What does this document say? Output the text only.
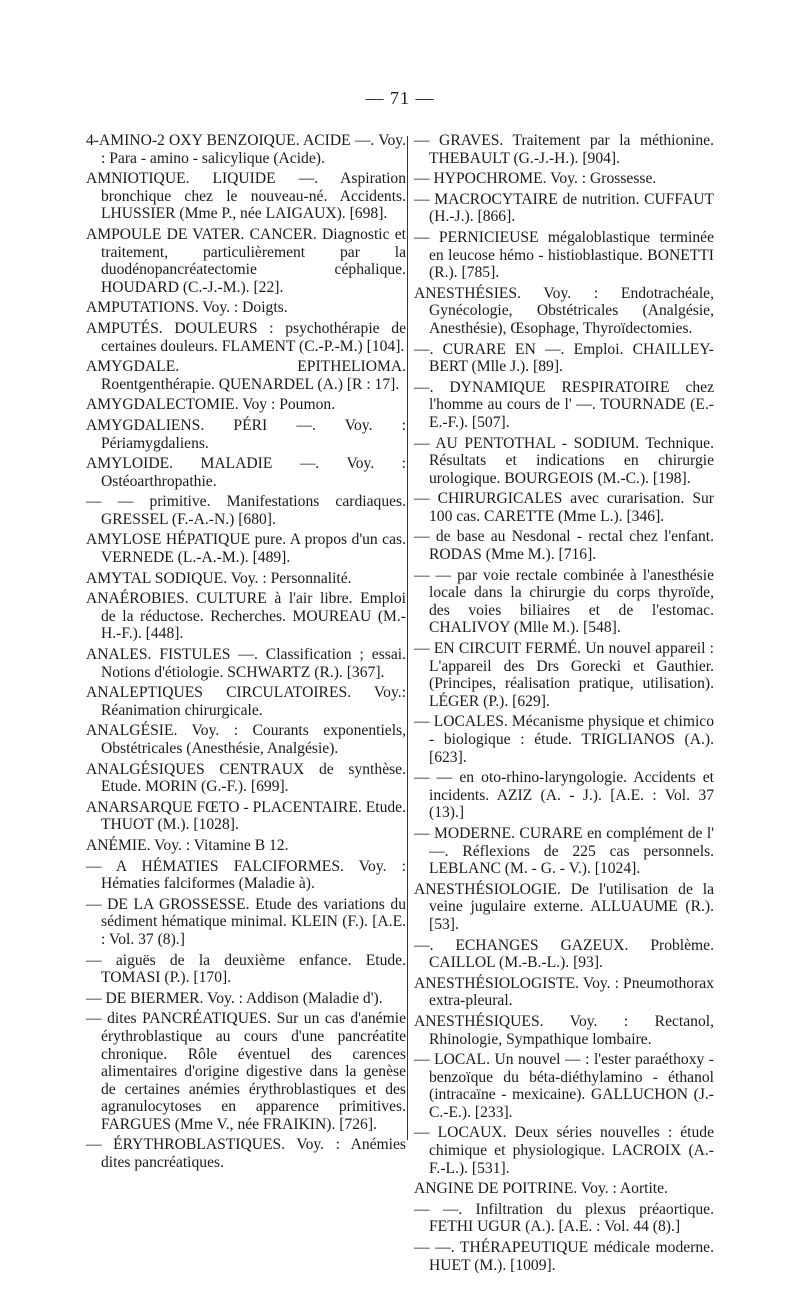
— 71 —

4-AMINO-2 OXY BENZOIQUE. ACIDE —. Voy. : Para - amino - salicylique (Acide).

AMNIOTIQUE. LIQUIDE —. Aspiration bronchique chez le nouveau-né. Accidents. LHUSSIER (Mme P., née LAIGAUX). [698].

AMPOULE DE VATER. CANCER. Diagnostic et traitement, particulièrement par la duodénopancréatectomie céphalique. HOUDARD (C.-J.-M.). [22].

AMPUTATIONS. Voy. : Doigts.

AMPUTÉS. DOULEURS : psychothérapie de certaines douleurs. FLAMENT (C.-P.-M.) [104].

AMYGDALE. EPITHELIOMA. Roentgenthérapie. QUENARDEL (A.) [R : 17].

AMYGDALECTOMIE. Voy : Poumon.

AMYGDALIENS. PÉRI —. Voy. : Périamygdaliens.

AMYLOIDE. MALADIE —. Voy. : Ostéoarthropathie.

— — primitive. Manifestations cardiaques. GRESSEL (F.-A.-N.) [680].

AMYLOSE HÉPATIQUE pure. A propos d'un cas. VERNEDE (L.-A.-M.). [489].

AMYTAL SODIQUE. Voy. : Personnalité.

ANAÉROBIES. CULTURE à l'air libre. Emploi de la réductose. Recherches. MOUREAU (M.-H.-F.). [448].

ANALES. FISTULES —. Classification ; essai. Notions d'étiologie. SCHWARTZ (R.). [367].

ANALEPTIQUES CIRCULATOIRES. Voy.: Réanimation chirurgicale.

ANALGÉSIE. Voy. : Courants exponentiels, Obstétricales (Anesthésie, Analgésie).

ANALGÉSIQUES CENTRAUX de synthèse. Etude. MORIN (G.-F.). [699].

ANARSARQUE FŒTO - PLACENTAIRE. Etude. THUOT (M.). [1028].

ANÉMIE. Voy. : Vitamine B 12.

— A HÉMATIES FALCIFORMES. Voy. : Hématies falciformes (Maladie à).

— DE LA GROSSESSE. Etude des variations du sédiment hématique minimal. KLEIN (F.). [A.E. : Vol. 37 (8).]

— aiguës de la deuxième enfance. Etude. TOMASI (P.). [170].

— DE BIERMER. Voy. : Addison (Maladie d').

— dites PANCRÉATIQUES. Sur un cas d'anémie érythroblastique au cours d'une pancréatite chronique. Rôle éventuel des carences alimentaires d'origine digestive dans la genèse de certaines anémies érythroblastiques et des agranulocytoses en apparence primitives. FARGUES (Mme V., née FRAIKIN). [726].

— ÉRYTHROBLASTIQUES. Voy. : Anémies dites pancréatiques.

— GRAVES. Traitement par la méthionine. THEBAULT (G.-J.-H.). [904].

— HYPOCHROME. Voy. : Grossesse.

— MACROCYTAIRE de nutrition. CUFFAUT (H.-J.). [866].

— PERNICIEUSE mégaloblastique terminée en leucose hémo - histioblastique. BONETTI (R.). [785].

ANESTHÉSIES. Voy. : Endotrachéale, Gynécologie, Obstétricales (Analgésie, Anesthésie), Œsophage, Thyroïdectomies.

—. CURARE EN —. Emploi. CHAILLEY-BERT (Mlle J.). [89].

—. DYNAMIQUE RESPIRATOIRE chez l'homme au cours de l' —. TOURNADE (E.-E.-F.). [507].

— AU PENTOTHAL - SODIUM. Technique. Résultats et indications en chirurgie urologique. BOURGEOIS (M.-C.). [198].

— CHIRURGICALES avec curarisation. Sur 100 cas. CARETTE (Mme L.). [346].

— de base au Nesdonal - rectal chez l'enfant. RODAS (Mme M.). [716].

— — par voie rectale combinée à l'anesthésie locale dans la chirurgie du corps thyroïde, des voies biliaires et de l'estomac. CHALIVOY (Mlle M.). [548].

— EN CIRCUIT FERMÉ. Un nouvel appareil : L'appareil des Drs Gorecki et Gauthier. (Principes, réalisation pratique, utilisation). LÉGER (P.). [629].

— LOCALES. Mécanisme physique et chimico - biologique : étude. TRIGLIANOS (A.). [623].

— — en oto-rhino-laryngologie. Accidents et incidents. AZIZ (A. - J.). [A.E. : Vol. 37 (13).]

— MODERNE. CURARE en complément de l' —. Réflexions de 225 cas personnels. LEBLANC (M. - G. - V.). [1024].

ANESTHÉSIOLOGIE. De l'utilisation de la veine jugulaire externe. ALLUAUME (R.). [53].

—. ECHANGES GAZEUX. Problème. CAILLOL (M.-B.-L.). [93].

ANESTHÉSIOLOGISTE. Voy. : Pneumothorax extra-pleural.

ANESTHÉSIQUES. Voy. : Rectanol, Rhinologie, Sympathique lombaire.

— LOCAL. Un nouvel — : l'ester paraéthoxy - benzoïque du béta-diéthylamino - éthanol (intracaïne - mexicaine). GALLUCHON (J.-C.-E.). [233].

— LOCAUX. Deux séries nouvelles : étude chimique et physiologique. LACROIX (A.-F.-L.). [531].

ANGINE DE POITRINE. Voy. : Aortite.

— —. Infiltration du plexus préaortique. FETHI UGUR (A.). [A.E. : Vol. 44 (8).]

— —. THÉRAPEUTIQUE médicale moderne. HUET (M.). [1009].
